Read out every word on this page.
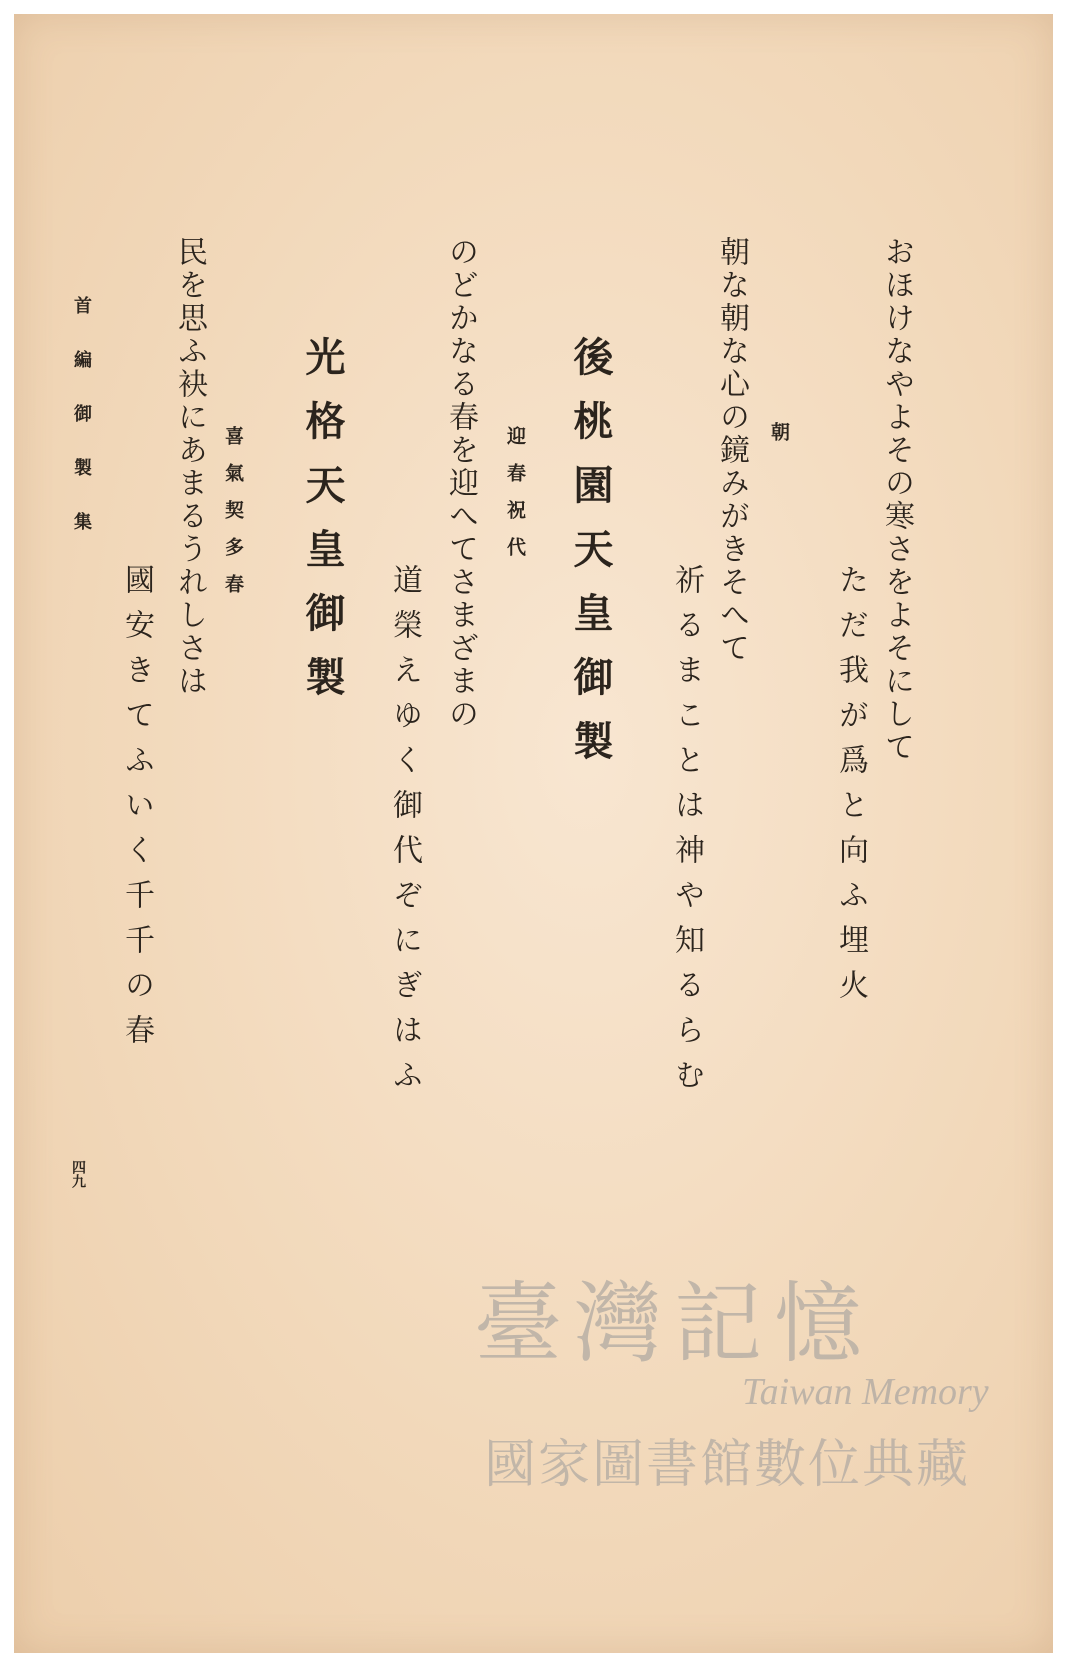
おほけなやよその寒さをよそにして
ただ我が爲と向ふ埋火
朝
朝な朝な心の鏡みがきそへて
祈るまことは神や知るらむ
後桃園天皇御製
迎春祝代
のどかなる春を迎へてさまざまの
道榮えゆく御代ぞにぎはふ
光格天皇御製
喜氣契多春
民を思ふ袂にあまるうれしさは
國安きてふいく千千の春
首編御製集
四九
臺灣記憶
Taiwan Memory
國家圖書館數位典藏
